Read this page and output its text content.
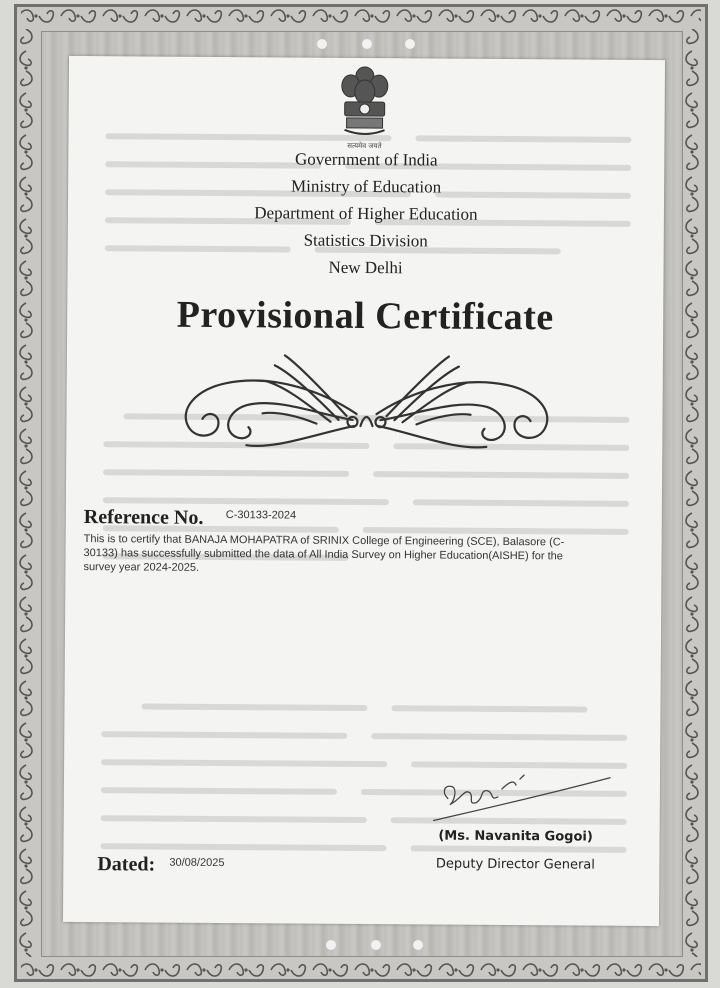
सत्यमेव जयते
Government of India
Ministry of Education
Department of Higher Education
Statistics Division
New Delhi
Provisional Certificate
Reference No. C-30133-2024
This is to certify that BANAJA MOHAPATRA of SRINIX College of Engineering (SCE), Balasore (C-
30133) has successfully submitted the data of All India Survey on Higher Education(AISHE) for the
survey year 2024-2025.
(Ms. Navanita Gogoi)
Deputy Director General
Dated: 30/08/2025
